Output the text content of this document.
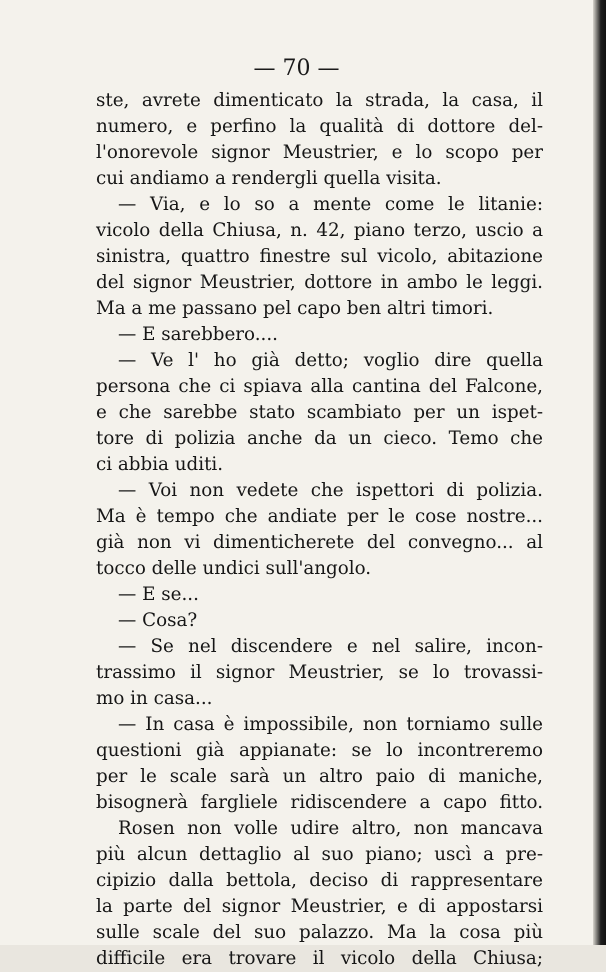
— 70 —
ste, avrete dimenticato la strada, la casa, il
numero, e perfino la qualità di dottore del-
l'onorevole signor Meustrier, e lo scopo per
cui andiamo a rendergli quella visita.
— Via, e lo so a mente come le litanie:
vicolo della Chiusa, n. 42, piano terzo, uscio a
sinistra, quattro finestre sul vicolo, abitazione
del signor Meustrier, dottore in ambo le leggi.
Ma a me passano pel capo ben altri timori.
— E sarebbero....
— Ve l' ho già detto; voglio dire quella
persona che ci spiava alla cantina del Falcone,
e che sarebbe stato scambiato per un ispet-
tore di polizia anche da un cieco. Temo che
ci abbia uditi.
— Voi non vedete che ispettori di polizia.
Ma è tempo che andiate per le cose nostre...
già non vi dimenticherete del convegno... al
tocco delle undici sull'angolo.
— E se...
— Cosa?
— Se nel discendere e nel salire, incon-
trassimo il signor Meustrier, se lo trovassi-
mo in casa...
— In casa è impossibile, non torniamo sulle
questioni già appianate: se lo incontreremo
per le scale sarà un altro paio di maniche,
bisognerà fargliele ridiscendere a capo fitto.
Rosen non volle udire altro, non mancava
più alcun dettaglio al suo piano; uscì a pre-
cipizio dalla bettola, deciso di rappresentare
la parte del signor Meustrier, e di appostarsi
sulle scale del suo palazzo. Ma la cosa più
difficile era trovare il vicolo della Chiusa;
